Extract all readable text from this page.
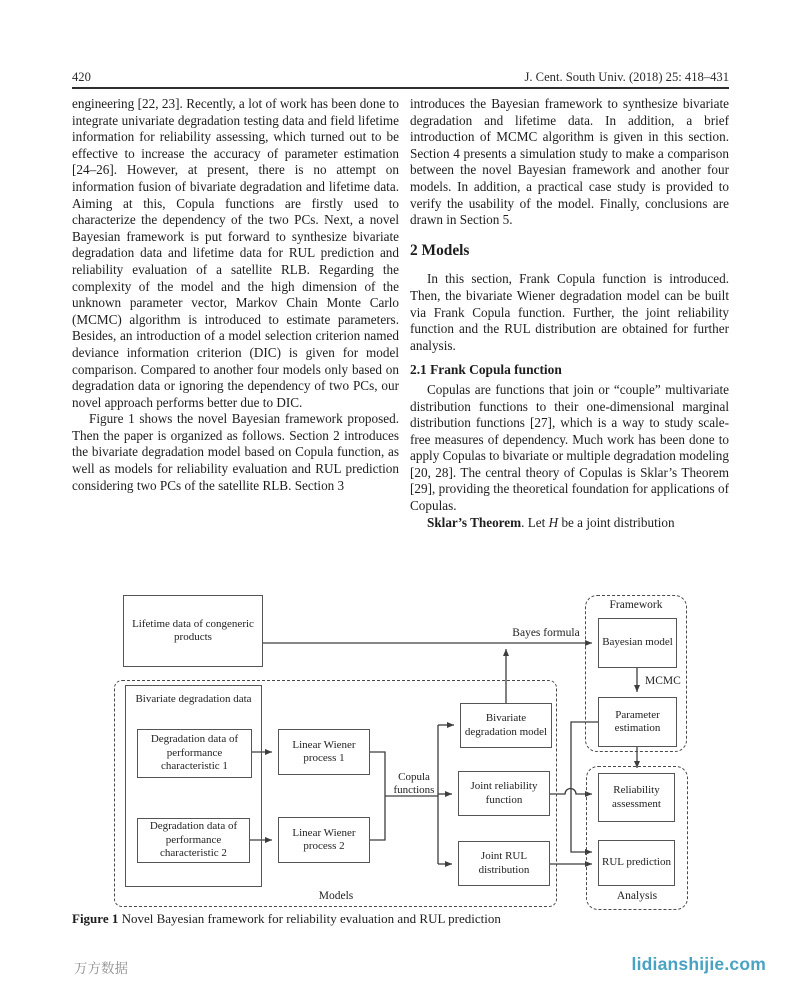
420	J. Cent. South Univ. (2018) 25: 418–431

engineering [22, 23]. Recently, a lot of work has been done to integrate univariate degradation testing data and field lifetime information for reliability assessing, which turned out to be effective to increase the accuracy of parameter estimation [24–26]. However, at present, there is no attempt on information fusion of bivariate degradation and lifetime data. Aiming at this, Copula functions are firstly used to characterize the dependency of the two PCs. Next, a novel Bayesian framework is put forward to synthesize bivariate degradation data and lifetime data for RUL prediction and reliability evaluation of a satellite RLB. Regarding the complexity of the model and the high dimension of the unknown parameter vector, Markov Chain Monte Carlo (MCMC) algorithm is introduced to estimate parameters. Besides, an introduction of a model selection criterion named deviance information criterion (DIC) is given for model comparison. Compared to another four models only based on degradation data or ignoring the dependency of two PCs, our novel approach performs better due to DIC.

Figure 1 shows the novel Bayesian framework proposed. Then the paper is organized as follows. Section 2 introduces the bivariate degradation model based on Copula function, as well as models for reliability evaluation and RUL prediction considering two PCs of the satellite RLB. Section 3

introduces the Bayesian framework to synthesize bivariate degradation and lifetime data. In addition, a brief introduction of MCMC algorithm is given in this section. Section 4 presents a simulation study to make a comparison between the novel Bayesian framework and another four models. In addition, a practical case study is provided to verify the usability of the model. Finally, conclusions are drawn in Section 5.

2 Models

In this section, Frank Copula function is introduced. Then, the bivariate Wiener degradation model can be built via Frank Copula function. Further, the joint reliability function and the RUL distribution are obtained for further analysis.

2.1 Frank Copula function

Copulas are functions that join or “couple” multivariate distribution functions to their one-dimensional marginal distribution functions [27], which is a way to study scale-free measures of dependency. Much work has been done to apply Copulas to bivariate or multiple degradation modeling [20, 28]. The central theory of Copulas is Sklar’s Theorem [29], providing the theoretical foundation for applications of Copulas.

Sklar’s Theorem. Let H be a joint distribution

Lifetime data of congeneric products
Bivariate degradation data
Degradation data of performance characteristic 1
Degradation data of performance characteristic 2
Linear Wiener process 1
Linear Wiener process 2
Bivariate degradation model
Joint reliability function
Joint RUL distribution
Bayesian model
Parameter estimation
Reliability assessment
RUL prediction
Framework
Analysis
Models
Bayes formula
MCMC
Copula functions
Figure 1 Novel Bayesian framework for reliability evaluation and RUL prediction
万方数据	lidianshijie.com
